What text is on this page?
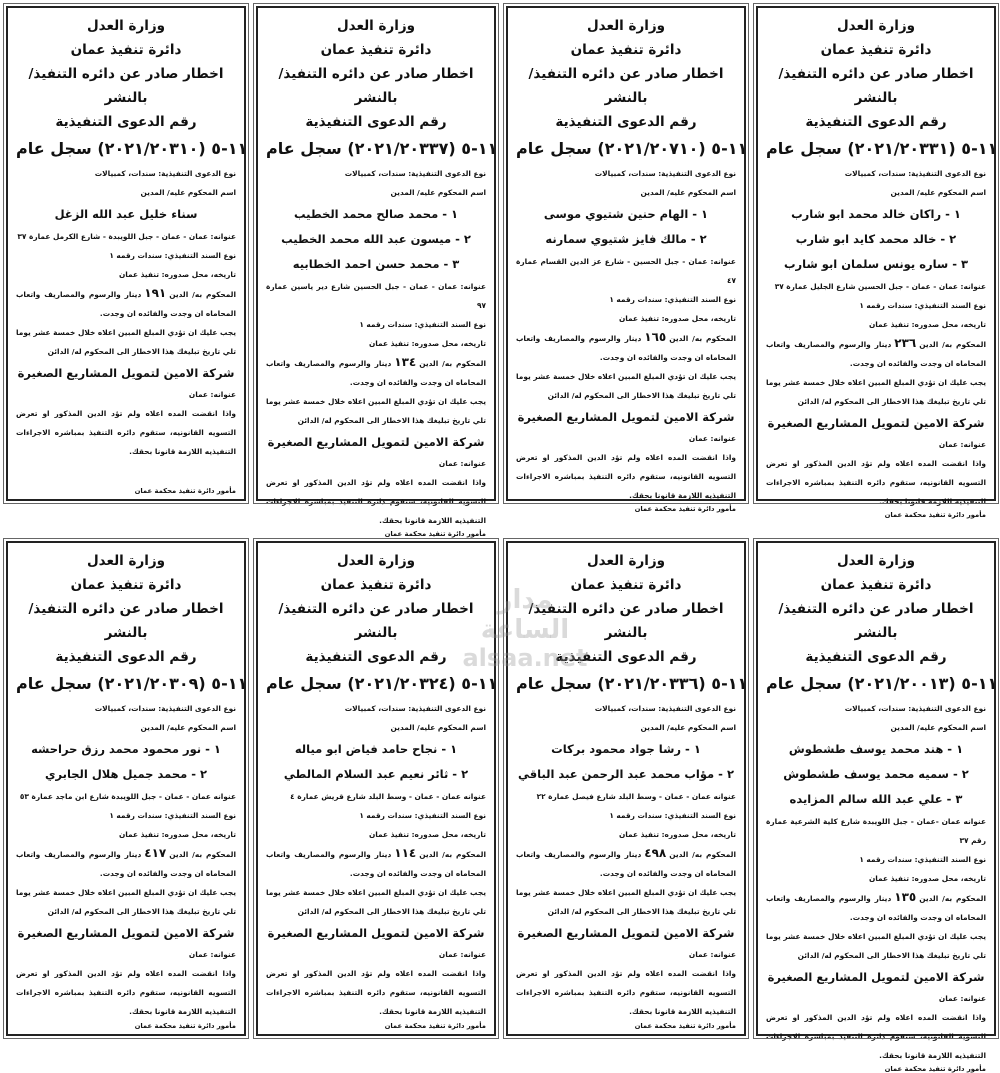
وزارة العدل
دائرة تنفيذ عمان
اخطار صادر عن دائره التنفيذ/ بالنشر
رقم الدعوى التنفيذية
١١-٥ (٢٠٢١/٢٠٣٣١) سجل عام
نوع الدعوى التنفيذية: سندات، كمبيالات
اسم المحكوم عليه/ المدين
١ - راكان خالد محمد ابو شارب
٢ - خالد محمد كايد ابو شارب
٣ - ساره يونس سلمان ابو شارب
عنوانه: عمان - عمان - جبل الحسين شارع الجليل عمارة ٣٧
نوع السند التنفيذي: سندات رقمه ١
تاريخه، محل صدوره: تنفيذ عمان
المحكوم به/ الدين٢٣٦دينار والرسوم والمصاريف واتعاب المحاماه ان وجدت والفائده ان وجدت.
يجب عليك ان تؤدي المبلغ المبين اعلاه خلال خمسة عشر يوما تلي تاريخ تبليغك هذا الاخطار الى المحكوم له/ الدائن
شركة الامين لتمويل المشاريع الصغيرة
عنوانه: عمان
واذا انقضت المده اعلاه ولم تؤد الدين المذكور او تعرض التسويه القانونيه، ستقوم دائره التنفيذ بمباشره الاجراءات التنفيذيه اللازمة قانونا بحقك.
مأمور دائرة تنفيذ محكمة عمان
وزارة العدل
دائرة تنفيذ عمان
اخطار صادر عن دائره التنفيذ/ بالنشر
رقم الدعوى التنفيذية
١١-٥ (٢٠٢١/٢٠٧١٠) سجل عام
نوع الدعوى التنفيذية: سندات، كمبيالات
اسم المحكوم عليه/ المدين
١ - الهام حنين شتيوي موسى
٢ - مالك فايز شتيوي سمارنه
عنوانه: عمان - جبل الحسين - شارع عز الدين القسام عمارة ٤٧
نوع السند التنفيذي: سندات رقمه ١
تاريخه، محل صدوره: تنفيذ عمان
المحكوم به/ الدين١٦٥دينار والرسوم والمصاريف واتعاب المحاماه ان وجدت والفائده ان وجدت.
يجب عليك ان تؤدي المبلغ المبين اعلاه خلال خمسة عشر يوما تلي تاريخ تبليغك هذا الاخطار الى المحكوم له/ الدائن
شركة الامين لتمويل المشاريع الصغيرة
عنوانه: عمان
واذا انقضت المده اعلاه ولم تؤد الدين المذكور او تعرض التسويه القانونيه، ستقوم دائره التنفيذ بمباشره الاجراءات التنفيذيه اللازمة قانونا بحقك.
مأمور دائرة تنفيذ محكمة عمان
وزارة العدل
دائرة تنفيذ عمان
اخطار صادر عن دائره التنفيذ/ بالنشر
رقم الدعوى التنفيذية
١١-٥ (٢٠٢١/٢٠٣٣٧) سجل عام
نوع الدعوى التنفيذية: سندات، كمبيالات
اسم المحكوم عليه/ المدين
١ - محمد صالح محمد الخطيب
٢ - ميسون عبد الله محمد الخطيب
٣ - محمد حسن احمد الخطابيه
عنوانه: عمان - عمان - جبل الحسين شارع دير ياسين عمارة ٩٧
نوع السند التنفيذي: سندات رقمه ١
تاريخه، محل صدوره: تنفيذ عمان
المحكوم به/ الدين١٣٤دينار والرسوم والمصاريف واتعاب المحاماه ان وجدت والفائده ان وجدت.
يجب عليك ان تؤدي المبلغ المبين اعلاه خلال خمسة عشر يوما تلي تاريخ تبليغك هذا الاخطار الى المحكوم له/ الدائن
شركة الامين لتمويل المشاريع الصغيرة
عنوانه: عمان
واذا انقضت المده اعلاه ولم تؤد الدين المذكور او تعرض التسويه القانونيه، ستقوم دائره التنفيذ بمباشره الاجراءات التنفيذيه اللازمة قانونا بحقك.
مأمور دائرة تنفيذ محكمة عمان
وزارة العدل
دائرة تنفيذ عمان
اخطار صادر عن دائره التنفيذ/ بالنشر
رقم الدعوى التنفيذية
١١-٥ (٢٠٢١/٢٠٣١٠) سجل عام
نوع الدعوى التنفيذية: سندات، كمبيالات
اسم المحكوم عليه/ المدين
سناء خليل عبد الله الزغل
عنوانه: عمان - عمان - جبل اللويبدة - شارع الكرمل عمارة ٣٧
نوع السند التنفيذي: سندات رقمه ١
تاريخه، محل صدوره: تنفيذ عمان
المحكوم به/ الدين١٩١دينار والرسوم والمصاريف واتعاب المحاماه ان وجدت والفائده ان وجدت.
يجب عليك ان تؤدي المبلغ المبين اعلاه خلال خمسة عشر يوما تلي تاريخ تبليغك هذا الاخطار الى المحكوم له/ الدائن
شركة الامين لتمويل المشاريع الصغيرة
عنوانه: عمان
واذا انقضت المده اعلاه ولم تؤد الدين المذكور او تعرض التسويه القانونيه، ستقوم دائره التنفيذ بمباشره الاجراءات التنفيذيه اللازمة قانونا بحقك.
مأمور دائرة تنفيذ محكمة عمان
وزارة العدل
دائرة تنفيذ عمان
اخطار صادر عن دائره التنفيذ/ بالنشر
رقم الدعوى التنفيذية
١١-٥ (٢٠٢١/٢٠٠١٣) سجل عام
نوع الدعوى التنفيذية: سندات، كمبيالات
اسم المحكوم عليه/ المدين
١ - هند محمد يوسف طشطوش
٢ - سميه محمد يوسف طشطوش
٣ - علي عبد الله سالم المزايده
عنوانه عمان -عمان - جبل اللويبدة شارع كلية الشرعية عمارة رقم ٣٧
نوع السند التنفيذي: سندات رقمه ١
تاريخه، محل صدوره: تنفيذ عمان
المحكوم به/ الدين١٣٥دينار والرسوم والمصاريف واتعاب المحاماه ان وجدت والفائده ان وجدت.
يجب عليك ان تؤدي المبلغ المبين اعلاه خلال خمسة عشر يوما تلي تاريخ تبليغك هذا الاخطار الى المحكوم له/ الدائن
شركة الامين لتمويل المشاريع الصغيرة
عنوانه: عمان
واذا انقضت المده اعلاه ولم تؤد الدين المذكور او تعرض التسويه القانونيه، ستقوم دائره التنفيذ بمباشره الاجراءات التنفيذيه اللازمة قانونا بحقك.
مأمور دائرة تنفيذ محكمة عمان
وزارة العدل
دائرة تنفيذ عمان
اخطار صادر عن دائره التنفيذ/ بالنشر
رقم الدعوى التنفيذية
١١-٥ (٢٠٢١/٢٠٣٣٦) سجل عام
نوع الدعوى التنفيذية: سندات، كمبيالات
اسم المحكوم عليه/ المدين
١ - رشا جواد محمود بركات
٢ - مؤاب محمد عبد الرحمن عبد الباقي
عنوانه عمان - عمان - وسط البلد شارع فيصل عمارة ٢٢
نوع السند التنفيذي: سندات رقمه ١
تاريخه، محل صدوره: تنفيذ عمان
المحكوم به/ الدين٤٩٨دينار والرسوم والمصاريف واتعاب المحاماه ان وجدت والفائده ان وجدت.
يجب عليك ان تؤدي المبلغ المبين اعلاه خلال خمسة عشر يوما تلي تاريخ تبليغك هذا الاخطار الى المحكوم له/ الدائن
شركة الامين لتمويل المشاريع الصغيرة
عنوانه: عمان
واذا انقضت المده اعلاه ولم تؤد الدين المذكور او تعرض التسويه القانونيه، ستقوم دائره التنفيذ بمباشره الاجراءات التنفيذيه اللازمة قانونا بحقك.
مأمور دائرة تنفيذ محكمة عمان
وزارة العدل
دائرة تنفيذ عمان
اخطار صادر عن دائره التنفيذ/ بالنشر
رقم الدعوى التنفيذية
١١-٥ (٢٠٢١/٢٠٣٢٤) سجل عام
نوع الدعوى التنفيذية: سندات، كمبيالات
اسم المحكوم عليه/ المدين
١ - نجاح حامد فياض ابو مياله
٢ - ثائر نعيم عبد السلام المالطي
عنوانه عمان - عمان - وسط البلد شارع قريش عمارة ٤
نوع السند التنفيذي: سندات رقمه ١
تاريخه، محل صدوره: تنفيذ عمان
المحكوم به/ الدين١١٤دينار والرسوم والمصاريف واتعاب المحاماه ان وجدت والفائده ان وجدت.
يجب عليك ان تؤدي المبلغ المبين اعلاه خلال خمسة عشر يوما تلي تاريخ تبليغك هذا الاخطار الى المحكوم له/ الدائن
شركة الامين لتمويل المشاريع الصغيرة
عنوانه: عمان
واذا انقضت المده اعلاه ولم تؤد الدين المذكور او تعرض التسويه القانونيه، ستقوم دائره التنفيذ بمباشره الاجراءات التنفيذيه اللازمة قانونا بحقك.
مأمور دائرة تنفيذ محكمة عمان
وزارة العدل
دائرة تنفيذ عمان
اخطار صادر عن دائره التنفيذ/ بالنشر
رقم الدعوى التنفيذية
١١-٥ (٢٠٢١/٢٠٣٠٩) سجل عام
نوع الدعوى التنفيذية: سندات، كمبيالات
اسم المحكوم عليه/ المدين
١ - نور محمود محمد رزق حراحشه
٢ - محمد جميل هلال الجابري
عنوانه عمان - عمان - جبل اللويبدة شارع ابن ماجد عمارة ٥٣
نوع السند التنفيذي: سندات رقمه ١
تاريخه، محل صدوره: تنفيذ عمان
المحكوم به/ الدين٤١٧دينار والرسوم والمصاريف واتعاب المحاماه ان وجدت والفائده ان وجدت.
يجب عليك ان تؤدي المبلغ المبين اعلاه خلال خمسة عشر يوما تلي تاريخ تبليغك هذا الاخطار الى المحكوم له/ الدائن
شركة الامين لتمويل المشاريع الصغيرة
عنوانه: عمان
واذا انقضت المده اعلاه ولم تؤد الدين المذكور او تعرض التسويه القانونيه، ستقوم دائره التنفيذ بمباشره الاجراءات التنفيذيه اللازمة قانونا بحقك.
مأمور دائرة تنفيذ محكمة عمان
مدار الساعة
alsaa.net
